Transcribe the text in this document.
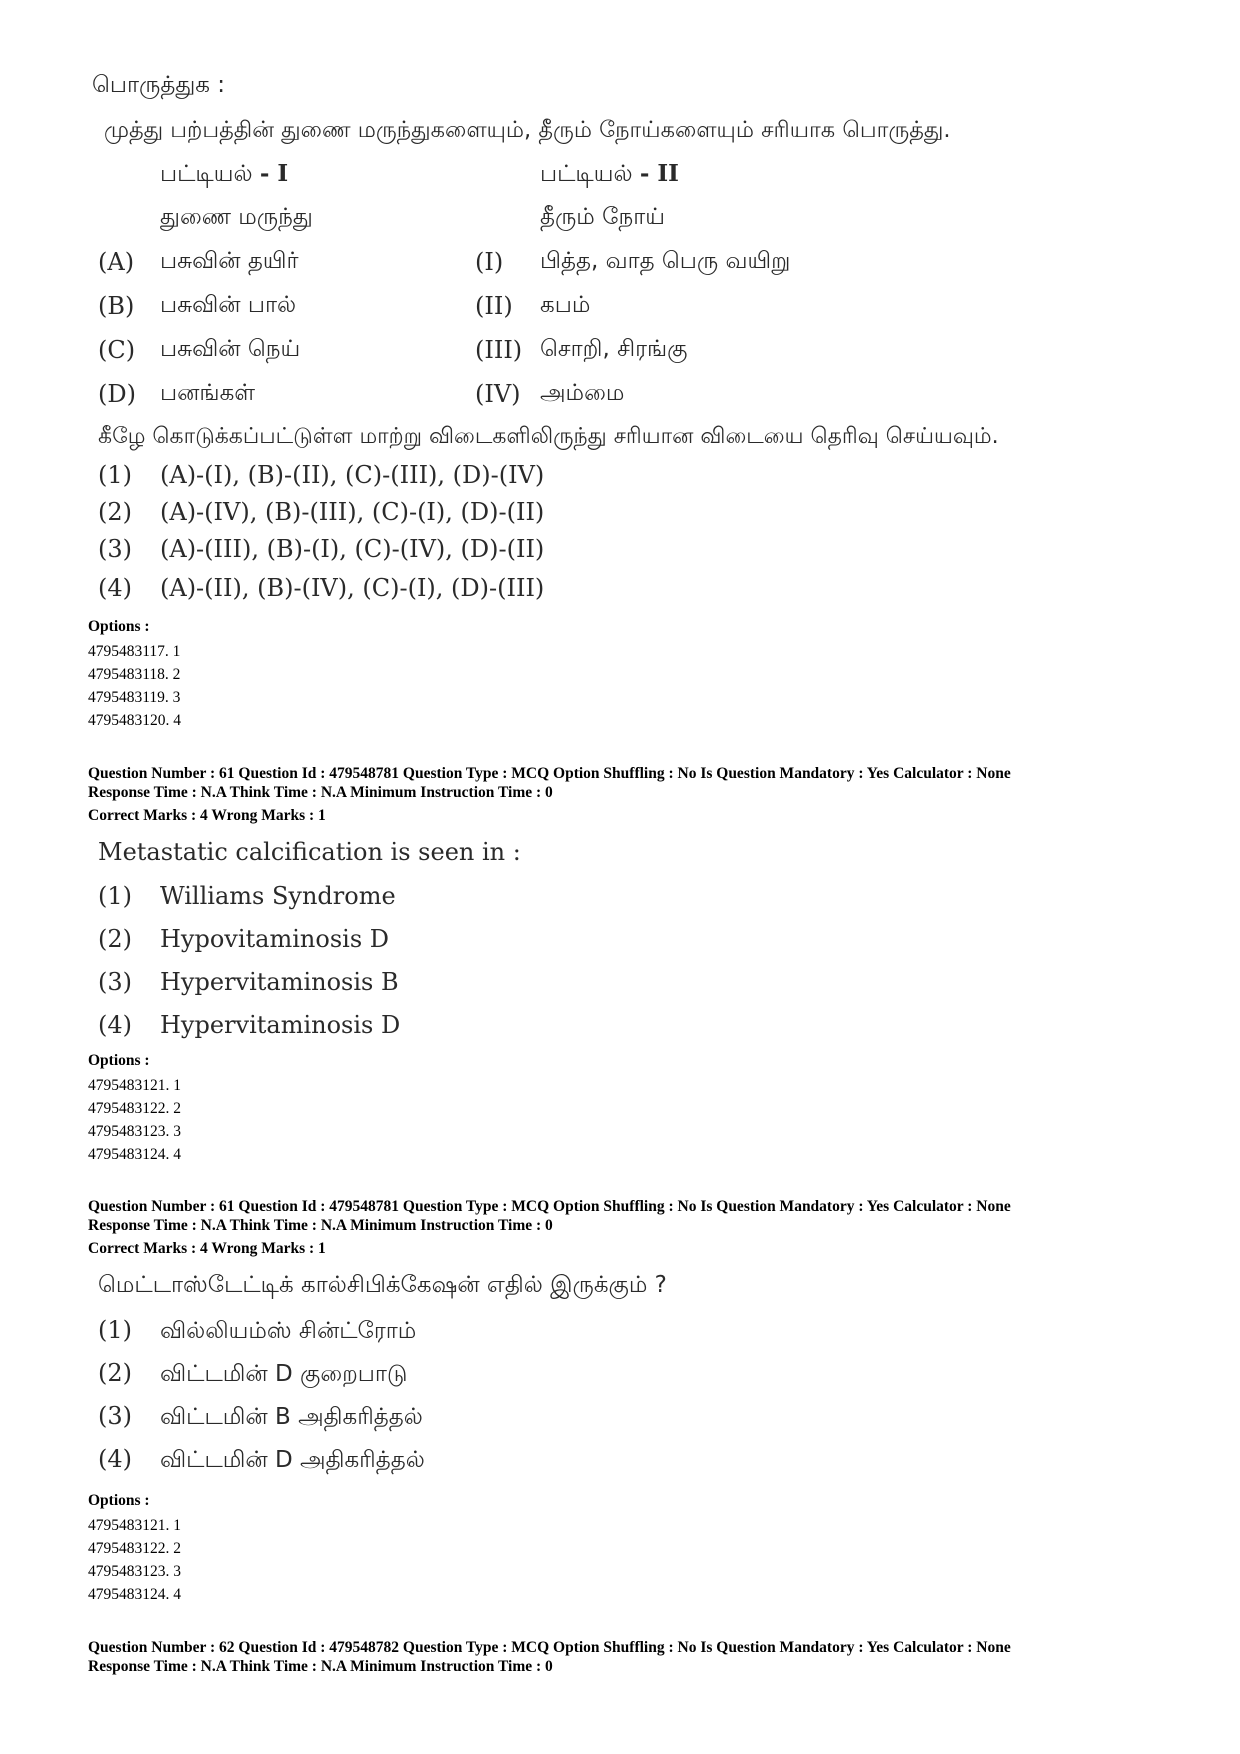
பொருத்துக :
முத்து பற்பத்தின் துணை மருந்துகளையும், தீரும் நோய்களையும் சரியாக பொருத்து.
பட்டியல் - I	பட்டியல் - II
துணை மருந்து	தீரும் நோய்
(A) பசுவின் தயிர்	(I) பித்த, வாத பெரு வயிறு
(B) பசுவின் பால்	(II) கபம்
(C) பசுவின் நெய்	(III) சொறி, சிரங்கு
(D) பனங்கள்	(IV) அம்மை
கீழே கொடுக்கப்பட்டுள்ள மாற்று விடைகளிலிருந்து சரியான விடையை தெரிவு செய்யவும்.
(1) (A)-(I), (B)-(II), (C)-(III), (D)-(IV)
(2) (A)-(IV), (B)-(III), (C)-(I), (D)-(II)
(3) (A)-(III), (B)-(I), (C)-(IV), (D)-(II)
(4) (A)-(II), (B)-(IV), (C)-(I), (D)-(III)
Options :
4795483117. 1
4795483118. 2
4795483119. 3
4795483120. 4
Question Number : 61 Question Id : 479548781 Question Type : MCQ Option Shuffling : No Is Question Mandatory : Yes Calculator : None
Response Time : N.A Think Time : N.A Minimum Instruction Time : 0
Correct Marks : 4 Wrong Marks : 1
Metastatic calcification is seen in :
(1) Williams Syndrome
(2) Hypovitaminosis D
(3) Hypervitaminosis B
(4) Hypervitaminosis D
Options :
4795483121. 1
4795483122. 2
4795483123. 3
4795483124. 4
Question Number : 61 Question Id : 479548781 Question Type : MCQ Option Shuffling : No Is Question Mandatory : Yes Calculator : None
Response Time : N.A Think Time : N.A Minimum Instruction Time : 0
Correct Marks : 4 Wrong Marks : 1
மெட்டாஸ்டேட்டிக் கால்சிபிக்கேஷன் எதில் இருக்கும் ?
(1) வில்லியம்ஸ் சின்ட்ரோம்
(2) விட்டமின் D குறைபாடு
(3) விட்டமின் B அதிகரித்தல்
(4) விட்டமின் D அதிகரித்தல்
Options :
4795483121. 1
4795483122. 2
4795483123. 3
4795483124. 4
Question Number : 62 Question Id : 479548782 Question Type : MCQ Option Shuffling : No Is Question Mandatory : Yes Calculator : None
Response Time : N.A Think Time : N.A Minimum Instruction Time : 0
